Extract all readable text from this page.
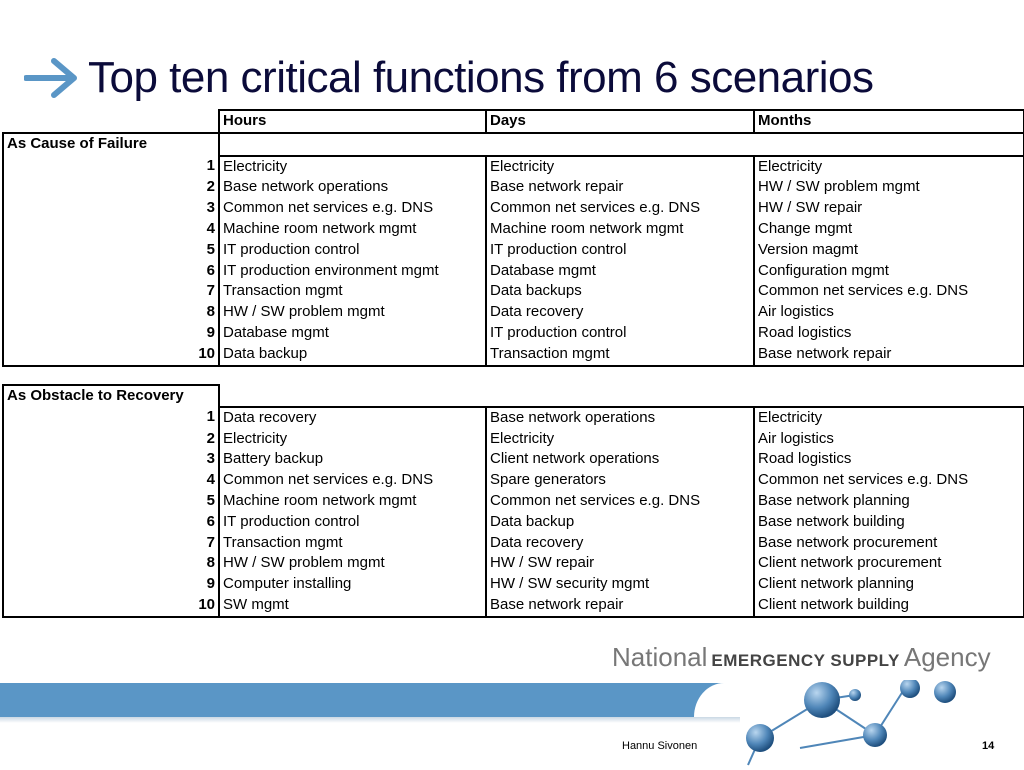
Top ten critical functions from 6 scenarios
	Hours	Days	Months
As Cause of Failure			
1	Electricity	Electricity	Electricity
2	Base network operations	Base network repair	HW / SW problem mgmt
3	Common net services e.g. DNS	Common net services e.g. DNS	HW / SW repair
4	Machine room network mgmt	Machine room network mgmt	Change mgmt
5	IT production control	IT production control	Version magmt
6	IT production environment mgmt	Database mgmt	Configuration mgmt
7	Transaction mgmt	Data backups	Common net services e.g. DNS
8	HW / SW problem mgmt	Data recovery	Air logistics
9	Database mgmt	IT production control	Road logistics
10	Data backup	Transaction mgmt	Base network repair
As Obstacle to Recovery			
1	Data recovery	Base network operations	Electricity
2	Electricity	Electricity	Air logistics
3	Battery backup	Client network operations	Road logistics
4	Common net services e.g. DNS	Spare generators	Common net services e.g. DNS
5	Machine room network mgmt	Common net services e.g. DNS	Base network planning
6	IT production control	Data backup	Base network building
7	Transaction mgmt	Data recovery	Base network procurement
8	HW / SW problem mgmt	HW / SW repair	Client network procurement
9	Computer installing	HW / SW security mgmt	Client network planning
10	SW mgmt	Base network repair	Client network building
National EMERGENCY SUPPLY Agency
Hannu Sivonen	14
